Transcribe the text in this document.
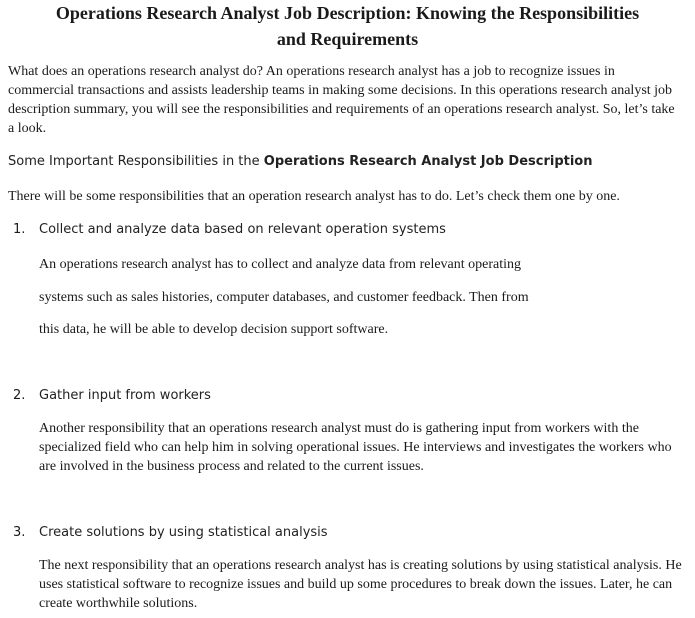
Operations Research Analyst Job Description: Knowing the Responsibilities
and Requirements
What does an operations research analyst do? An operations research analyst has a job to recognize issues in commercial transactions and assists leadership teams in making some decisions. In this operations research analyst job description summary, you will see the responsibilities and requirements of an operations research analyst. So, let’s take a look.
Some Important Responsibilities in the Operations Research Analyst Job Description
There will be some responsibilities that an operation research analyst has to do. Let’s check them one by one.
1. Collect and analyze data based on relevant operation systems
An operations research analyst has to collect and analyze data from relevant operating
systems such as sales histories, computer databases, and customer feedback. Then from
this data, he will be able to develop decision support software.
2. Gather input from workers
Another responsibility that an operations research analyst must do is gathering input from workers with the specialized field who can help him in solving operational issues. He interviews and investigates the workers who are involved in the business process and related to the current issues.
3. Create solutions by using statistical analysis
The next responsibility that an operations research analyst has is creating solutions by using statistical analysis. He uses statistical software to recognize issues and build up some procedures to break down the issues. Later, he can create worthwhile solutions.
